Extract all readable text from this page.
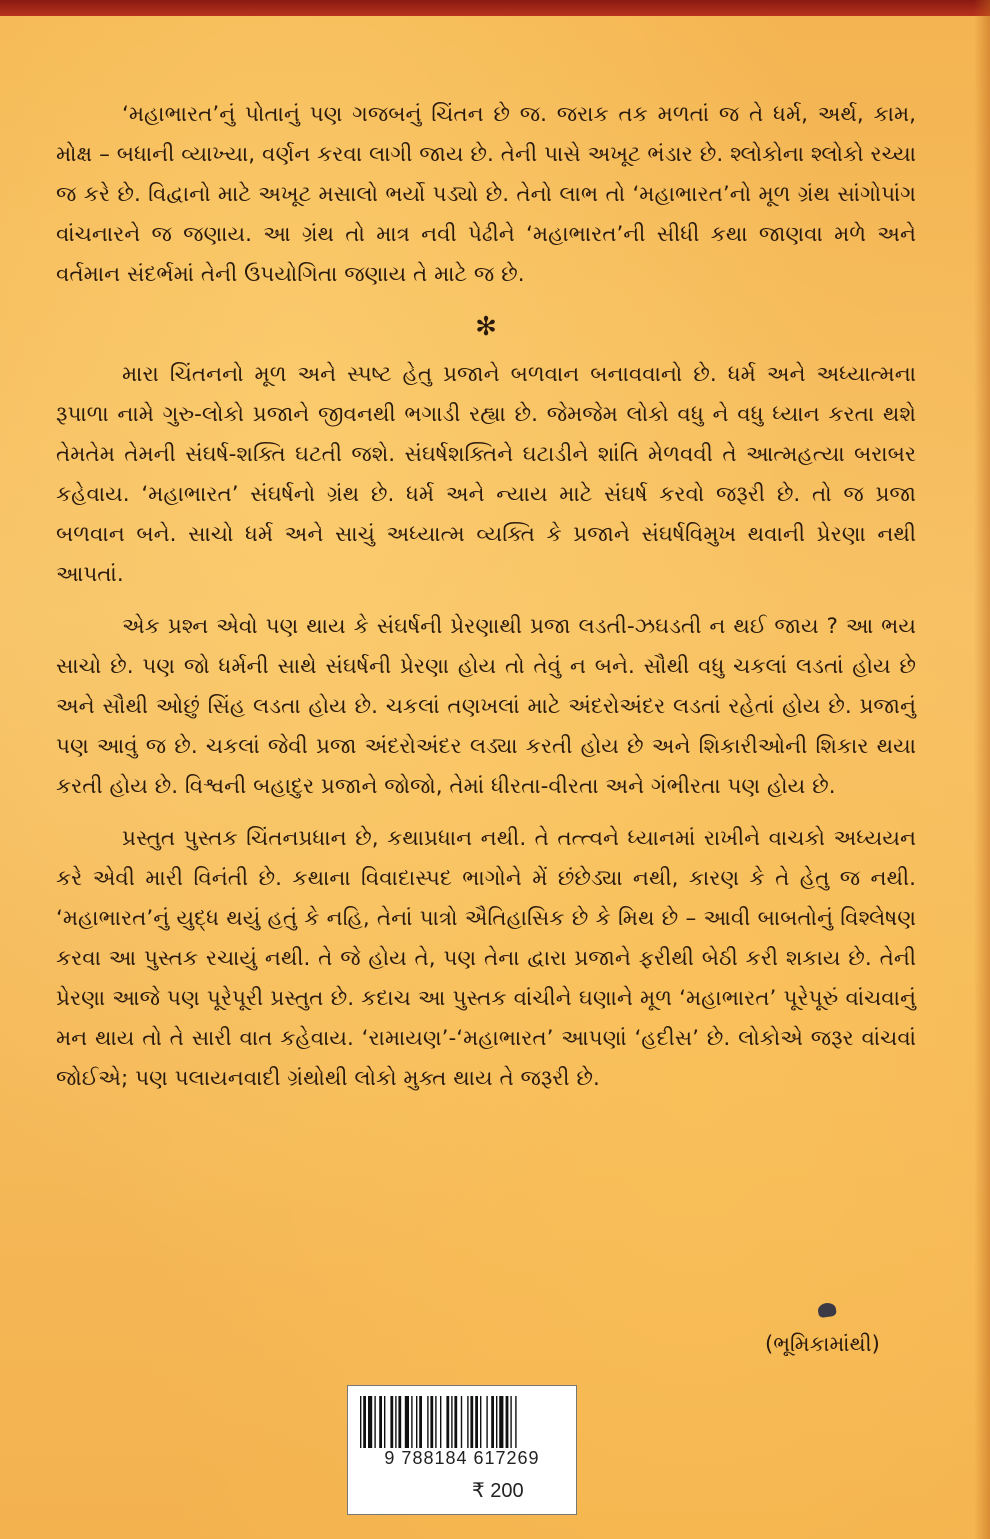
‘મહાભારત’નું પોતાનું પણ ગજબનું ચિંતન છે જ. જરાક તક મળતાં જ તે ધર્મ, અર્થ, કામ, મોક્ષ – બધાની વ્યાખ્યા, વર્ણન કરવા લાગી જાય છે. તેની પાસે અખૂટ ભંડાર છે. શ્લોકોના શ્લોકો રચ્યા જ કરે છે. વિદ્વાનો માટે અખૂટ મસાલો ભર્યો પડ્યો છે. તેનો લાભ તો ‘મહાભારત’નો મૂળ ગ્રંથ સાંગોપાંગ વાંચનારને જ જણાય. આ ગ્રંથ તો માત્ર નવી પેઢીને ‘મહાભારત’ની સીધી કથા જાણવા મળે અને વર્તમાન સંદર્ભમાં તેની ઉપયોગિતા જણાય તે માટે જ છે.

✻

મારા ચિંતનનો મૂળ અને સ્પષ્ટ હેતુ પ્રજાને બળવાન બનાવવાનો છે. ધર્મ અને અધ્યાત્મના રૂપાળા નામે ગુરુ-લોકો પ્રજાને જીવનથી ભગાડી રહ્યા છે. જેમજેમ લોકો વધુ ને વધુ ધ્યાન કરતા થશે તેમતેમ તેમની સંઘર્ષ-શક્તિ ઘટતી જશે. સંઘર્ષશક્તિને ઘટાડીને શાંતિ મેળવવી તે આત્મહત્યા બરાબર કહેવાય. ‘મહાભારત’ સંઘર્ષનો ગ્રંથ છે. ધર્મ અને ન્યાય માટે સંઘર્ષ કરવો જરૂરી છે. તો જ પ્રજા બળવાન બને. સાચો ધર્મ અને સાચું અધ્યાત્મ વ્યક્તિ કે પ્રજાને સંઘર્ષવિમુખ થવાની પ્રેરણા નથી આપતાં.

એક પ્રશ્ન એવો પણ થાય કે સંઘર્ષની પ્રેરણાથી પ્રજા લડતી-ઝઘડતી ન થઈ જાય ? આ ભય સાચો છે. પણ જો ધર્મની સાથે સંઘર્ષની પ્રેરણા હોય તો તેવું ન બને. સૌથી વધુ ચકલાં લડતાં હોય છે અને સૌથી ઓછું સિંહ લડતા હોય છે. ચકલાં તણખલાં માટે અંદરોઅંદર લડતાં રહેતાં હોય છે. પ્રજાનું પણ આવું જ છે. ચકલાં જેવી પ્રજા અંદરોઅંદર લડ્યા કરતી હોય છે અને શિકારીઓની શિકાર થયા કરતી હોય છે. વિશ્વની બહાદુર પ્રજાને જોજો, તેમાં ધીરતા-વીરતા અને ગંભીરતા પણ હોય છે.

પ્રસ્તુત પુસ્તક ચિંતનપ્રધાન છે, કથાપ્રધાન નથી. તે તત્ત્વને ધ્યાનમાં રાખીને વાચકો અધ્યયન કરે એવી મારી વિનંતી છે. કથાના વિવાદાસ્પદ ભાગોને મેં છંછેડ્યા નથી, કારણ કે તે હેતુ જ નથી. ‘મહાભારત’નું યુદ્ધ થયું હતું કે નહિ, તેનાં પાત્રો ઐતિહાસિક છે કે મિથ છે – આવી બાબતોનું વિશ્લેષણ કરવા આ પુસ્તક રચાયું નથી. તે જે હોય તે, પણ તેના દ્વારા પ્રજાને ફરીથી બેઠી કરી શકાય છે. તેની પ્રેરણા આજે પણ પૂરેપૂરી પ્રસ્તુત છે. કદાચ આ પુસ્તક વાંચીને ઘણાને મૂળ ‘મહાભારત’ પૂરેપૂરું વાંચવાનું મન થાય તો તે સારી વાત કહેવાય. ‘રામાયણ’-‘મહાભારત’ આપણાં ‘હદીસ’ છે. લોકોએ જરૂર વાંચવાં જોઈએ; પણ પલાયનવાદી ગ્રંથોથી લોકો મુક્ત થાય તે જરૂરી છે.

(ભૂમિકામાંથી)
9 788184 617269
₹ 200
